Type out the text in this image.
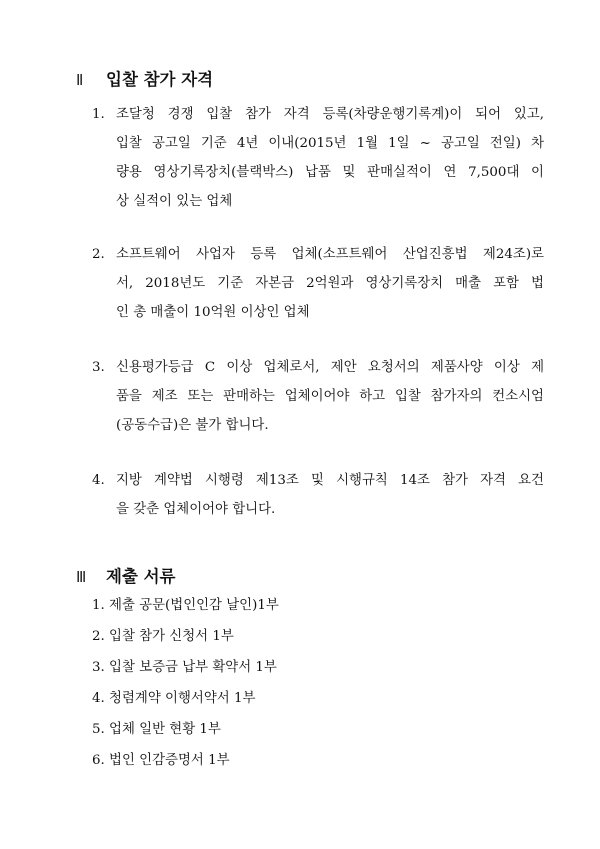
Ⅱ	입찰 참가 자격
1. 조달청 경쟁 입찰 참가 자격 등록(차량운행기록계)이 되어 있고,
입찰 공고일 기준 4년 이내(2015년 1월 1일 ~ 공고일 전일) 차
량용 영상기록장치(블랙박스) 납품 및 판매실적이 연 7,500대 이
상 실적이 있는 업체
2. 소프트웨어 사업자 등록 업체(소프트웨어 산업진흥법 제24조)로
서, 2018년도 기준 자본금 2억원과 영상기록장치 매출 포함 법
인 총 매출이 10억원 이상인 업체
3. 신용평가등급 C 이상 업체로서, 제안 요청서의 제품사양 이상 제
품을 제조 또는 판매하는 업체이어야 하고 입찰 참가자의 컨소시엄
(공동수급)은 불가 합니다.
4. 지방 계약법 시행령 제13조 및 시행규칙 14조 참가 자격 요건
을 갖춘 업체이어야 합니다.
Ⅲ	제출 서류
1. 제출 공문(법인인감 날인)1부
2. 입찰 참가 신청서 1부
3. 입찰 보증금 납부 확약서 1부
4. 청렴계약 이행서약서 1부
5. 업체 일반 현황 1부
6. 법인 인감증명서 1부
